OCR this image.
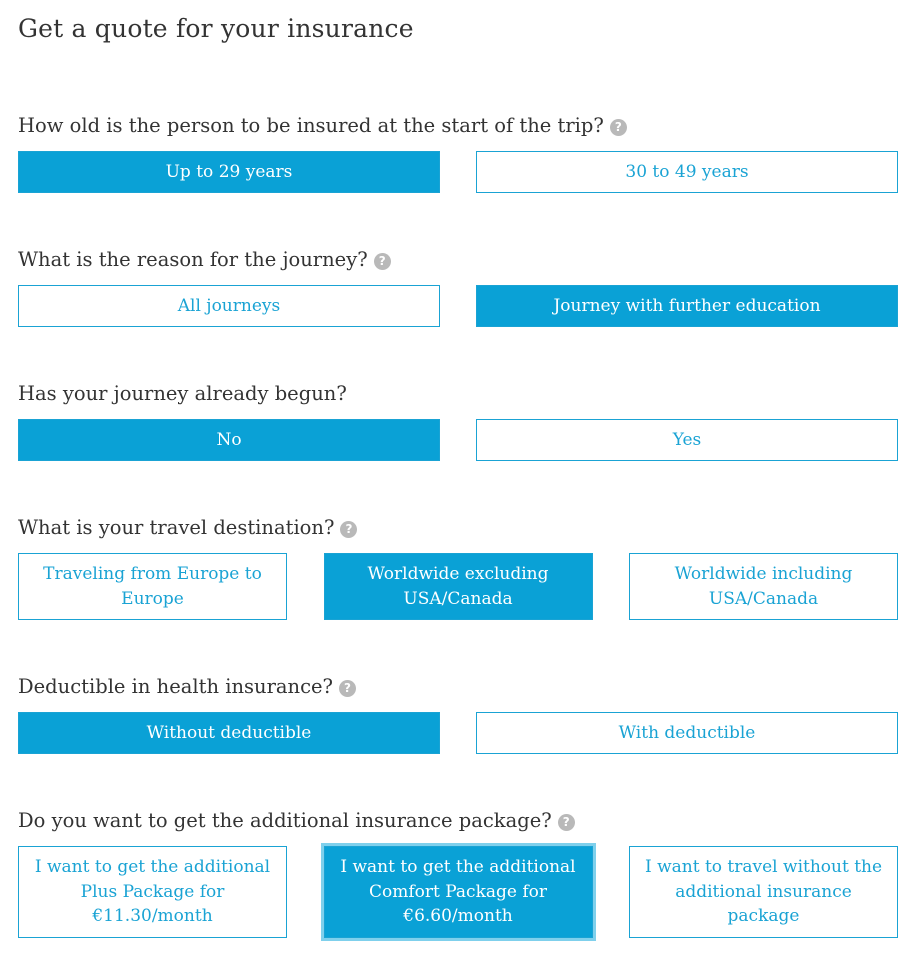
Get a quote for your insurance
How old is the person to be insured at the start of the trip? ?
Up to 29 years	30 to 49 years
What is the reason for the journey? ?
All journeys	Journey with further education
Has your journey already begun?
No	Yes
What is your travel destination? ?
Traveling from Europe to Europe
Worldwide excluding USA/Canada
Worldwide including USA/Canada
Deductible in health insurance? ?
Without deductible	With deductible
Do you want to get the additional insurance package? ?
I want to get the additional Plus Package for €11.30/month
I want to get the additional Comfort Package for €6.60/month
I want to travel without the additional insurance package
